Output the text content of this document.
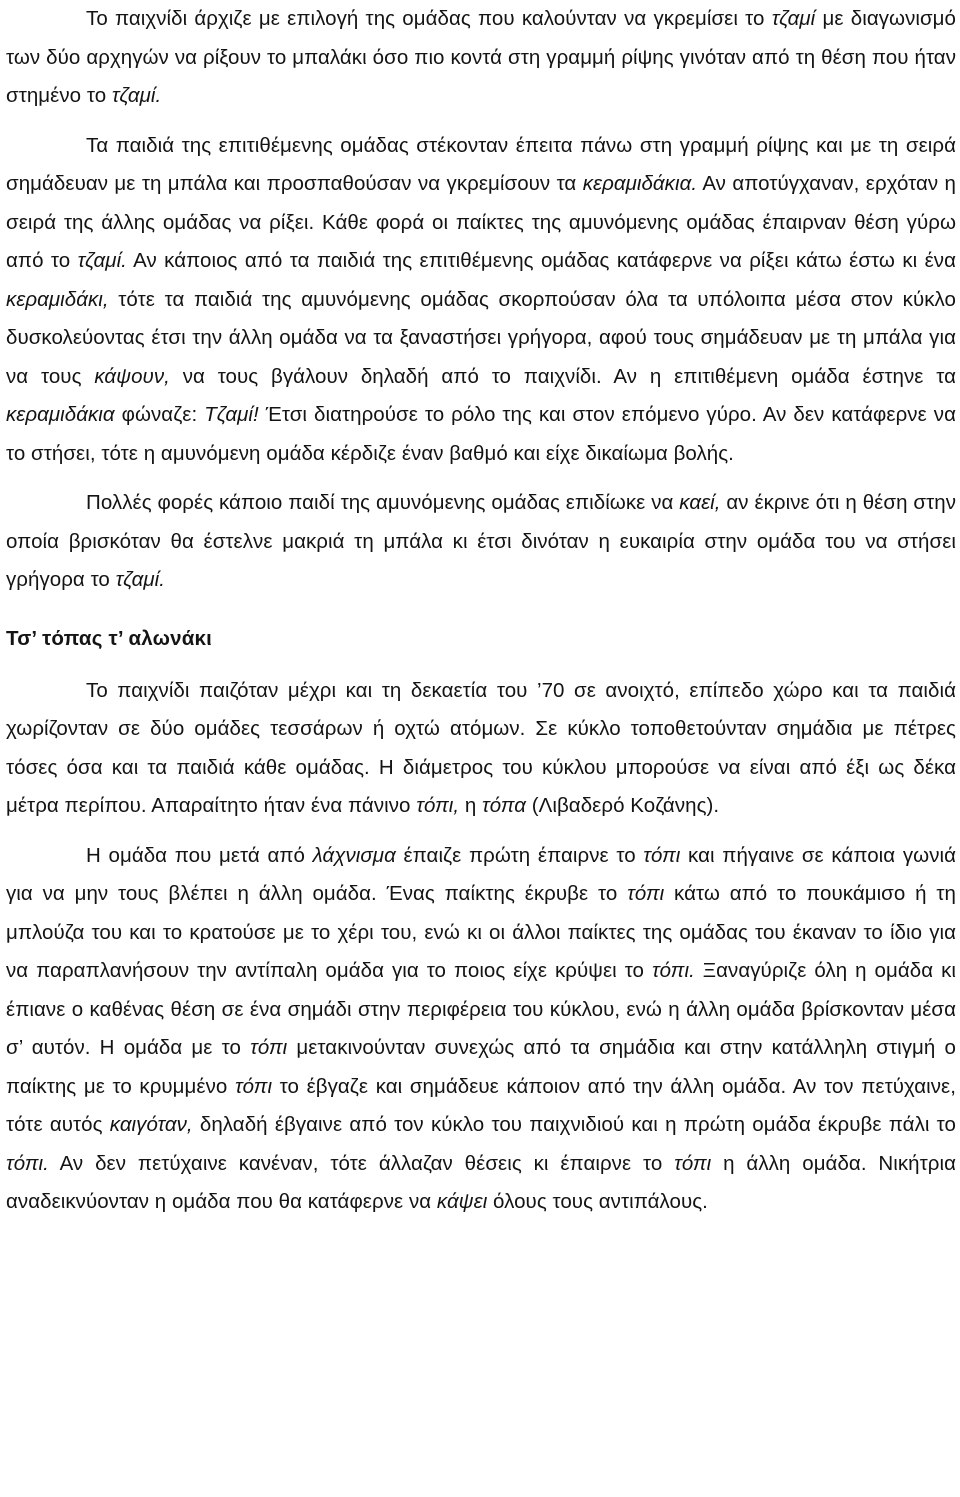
Το παιχνίδι άρχιζε με επιλογή της ομάδας που καλούνταν να γκρεμίσει το τζαμί με διαγωνισμό των δύο αρχηγών να ρίξουν το μπαλάκι όσο πιο κοντά στη γραμμή ρίψης γινόταν από τη θέση που ήταν στημένο το τζαμί.

Τα παιδιά της επιτιθέμενης ομάδας στέκονταν έπειτα πάνω στη γραμμή ρίψης και με τη σειρά σημάδευαν με τη μπάλα και προσπαθούσαν να γκρεμίσουν τα κεραμιδάκια. Αν αποτύγχαναν, ερχόταν η σειρά της άλλης ομάδας να ρίξει. Κάθε φορά οι παίκτες της αμυνόμενης ομάδας έπαιρναν θέση γύρω από το τζαμί. Αν κάποιος από τα παιδιά της επιτιθέμενης ομάδας κατάφερνε να ρίξει κάτω έστω κι ένα κεραμιδάκι, τότε τα παιδιά της αμυνόμενης ομάδας σκορπούσαν όλα τα υπόλοιπα μέσα στον κύκλο δυσκολεύοντας έτσι την άλλη ομάδα να τα ξαναστήσει γρήγορα, αφού τους σημάδευαν με τη μπάλα για να τους κάψουν, να τους βγάλουν δηλαδή από το παιχνίδι. Αν η επιτιθέμενη ομάδα έστηνε τα κεραμιδάκια φώναζε: Τζαμί! Έτσι διατηρούσε το ρόλο της και στον επόμενο γύρο. Αν δεν κατάφερνε να το στήσει, τότε η αμυνόμενη ομάδα κέρδιζε έναν βαθμό και είχε δικαίωμα βολής.

Πολλές φορές κάποιο παιδί της αμυνόμενης ομάδας επιδίωκε να καεί, αν έκρινε ότι η θέση στην οποία βρισκόταν θα έστελνε μακριά τη μπάλα κι έτσι δινόταν η ευκαιρία στην ομάδα του να στήσει γρήγορα το τζαμί.

Τσ’ τόπας τ’ αλωνάκι

Το παιχνίδι παιζόταν μέχρι και τη δεκαετία του ’70 σε ανοιχτό, επίπεδο χώρο και τα παιδιά χωρίζονταν σε δύο ομάδες τεσσάρων ή οχτώ ατόμων. Σε κύκλο τοποθετούνταν σημάδια με πέτρες τόσες όσα και τα παιδιά κάθε ομάδας. Η διάμετρος του κύκλου μπορούσε να είναι από έξι ως δέκα μέτρα περίπου. Απαραίτητο ήταν ένα πάνινο τόπι, η τόπα (Λιβαδερό Κοζάνης).

Η ομάδα που μετά από λάχνισμα έπαιζε πρώτη έπαιρνε το τόπι και πήγαινε σε κάποια γωνιά για να μην τους βλέπει η άλλη ομάδα. Ένας παίκτης έκρυβε το τόπι κάτω από το πουκάμισο ή τη μπλούζα του και το κρατούσε με το χέρι του, ενώ κι οι άλλοι παίκτες της ομάδας του έκαναν το ίδιο για να παραπλανήσουν την αντίπαλη ομάδα για το ποιος είχε κρύψει το τόπι. Ξαναγύριζε όλη η ομάδα κι έπιανε ο καθένας θέση σε ένα σημάδι στην περιφέρεια του κύκλου, ενώ η άλλη ομάδα βρίσκονταν μέσα σ’ αυτόν. Η ομάδα με το τόπι μετακινούνταν συνεχώς από τα σημάδια και στην κατάλληλη στιγμή ο παίκτης με το κρυμμένο τόπι το έβγαζε και σημάδευε κάποιον από την άλλη ομάδα. Αν τον πετύχαινε, τότε αυτός καιγόταν, δηλαδή έβγαινε από τον κύκλο του παιχνιδιού και η πρώτη ομάδα έκρυβε πάλι το τόπι. Αν δεν πετύχαινε κανέναν, τότε άλλαζαν θέσεις κι έπαιρνε το τόπι η άλλη ομάδα. Νικήτρια αναδεικνύονταν η ομάδα που θα κατάφερνε να κάψει όλους τους αντιπάλους.
